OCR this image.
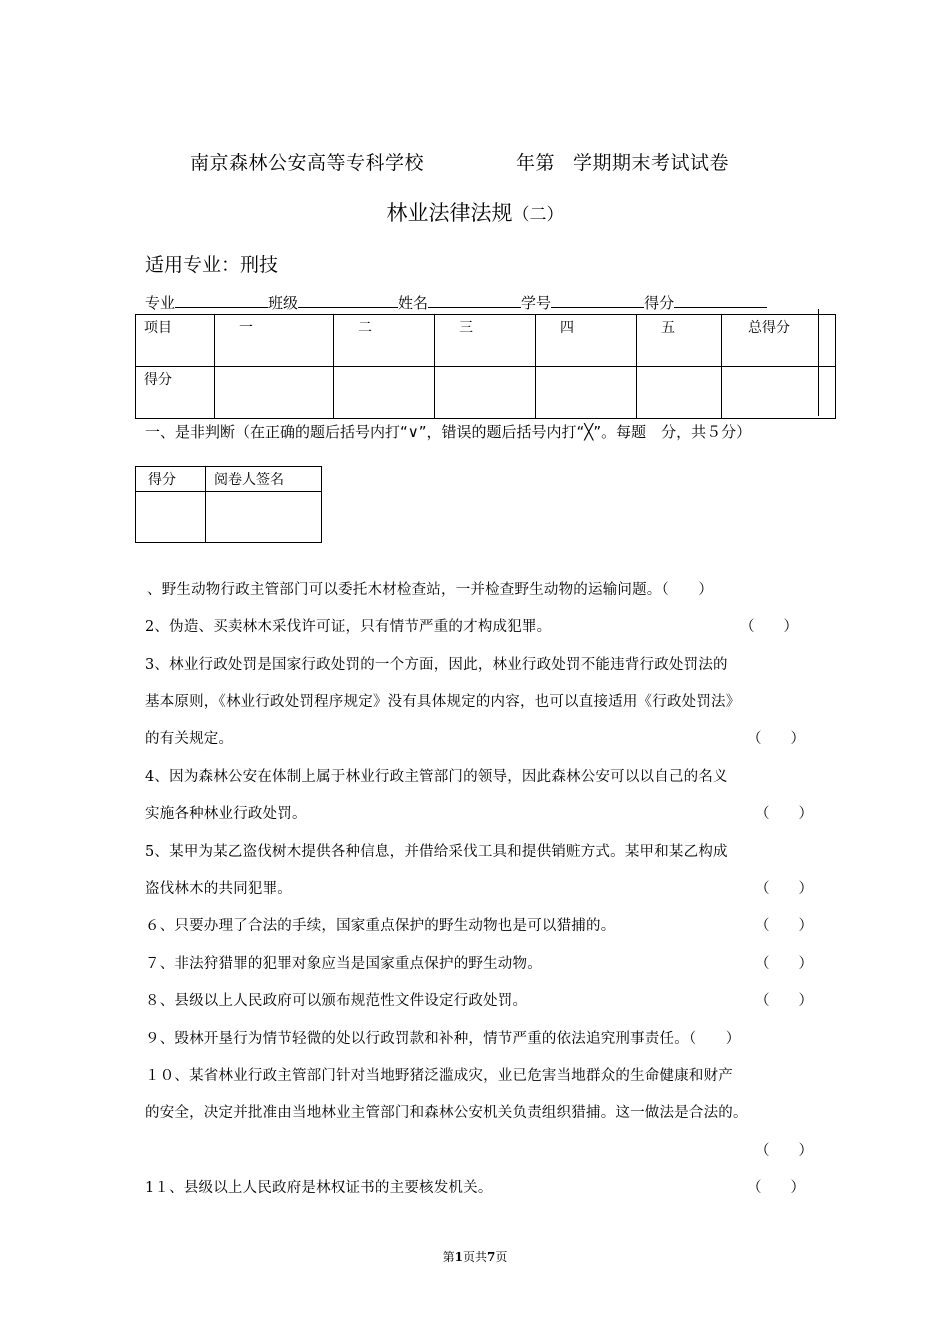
南京森林公安高等专科学校	年第 学期期末考试试卷
林业法律法规（二）
适用专业：刑技
专业	班级	姓名	学号	得分
项目	一	二	三	四	五	总得分
得分						
一、是非判断（在正确的题后括号内打“∨”，错误的题后括号内打“╳”。每题　分，共５分）
得分	阅卷人签名

、野生动物行政主管部门可以委托木材检查站，一并检查野生动物的运输问题。（　　）
2、伪造、买卖林木采伐许可证，只有情节严重的才构成犯罪。	（　　）
3、林业行政处罚是国家行政处罚的一个方面，因此，林业行政处罚不能违背行政处罚法的
基本原则，《林业行政处罚程序规定》没有具体规定的内容，也可以直接适用《行政处罚法》
的有关规定。	（　　）
4、因为森林公安在体制上属于林业行政主管部门的领导，因此森林公安可以以自己的名义
实施各种林业行政处罚。	（　　）
5、某甲为某乙盗伐树木提供各种信息，并借给采伐工具和提供销赃方式。某甲和某乙构成
盗伐林木的共同犯罪。	（　　）
６、只要办理了合法的手续，国家重点保护的野生动物也是可以猎捕的。	（　　）
７、非法狩猎罪的犯罪对象应当是国家重点保护的野生动物。	（　　）
８、县级以上人民政府可以颁布规范性文件设定行政处罚。	（　　）
９、毁林开垦行为情节轻微的处以行政罚款和补种，情节严重的依法追究刑事责任。（　　）
１０、某省林业行政主管部门针对当地野猪泛滥成灾，业已危害当地群众的生命健康和财产
的安全，决定并批准由当地林业主管部门和森林公安机关负责组织猎捕。这一做法是合法的。
（　　）
1１、县级以上人民政府是林权证书的主要核发机关。	（　　）
第1页共7页
